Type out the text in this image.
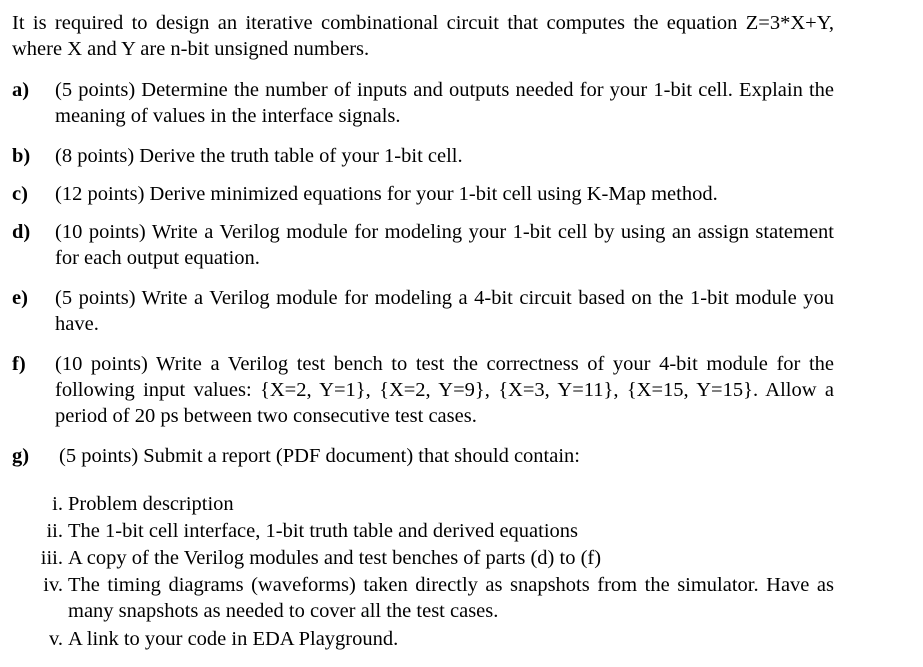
It is required to design an iterative combinational circuit that computes the equation Z=3*X+Y, where X and Y are n-bit unsigned numbers.
a) (5 points) Determine the number of inputs and outputs needed for your 1-bit cell. Explain the meaning of values in the interface signals.
b) (8 points) Derive the truth table of your 1-bit cell.
c) (12 points) Derive minimized equations for your 1-bit cell using K-Map method.
d) (10 points) Write a Verilog module for modeling your 1-bit cell by using an assign statement for each output equation.
e) (5 points) Write a Verilog module for modeling a 4-bit circuit based on the 1-bit module you have.
f) (10 points) Write a Verilog test bench to test the correctness of your 4-bit module for the following input values: {X=2, Y=1}, {X=2, Y=9}, {X=3, Y=11}, {X=15, Y=15}. Allow a period of 20 ps between two consecutive test cases.
g) (5 points) Submit a report (PDF document) that should contain:
i. Problem description
ii. The 1-bit cell interface, 1-bit truth table and derived equations
iii. A copy of the Verilog modules and test benches of parts (d) to (f)
iv. The timing diagrams (waveforms) taken directly as snapshots from the simulator. Have as many snapshots as needed to cover all the test cases.
v. A link to your code in EDA Playground.
